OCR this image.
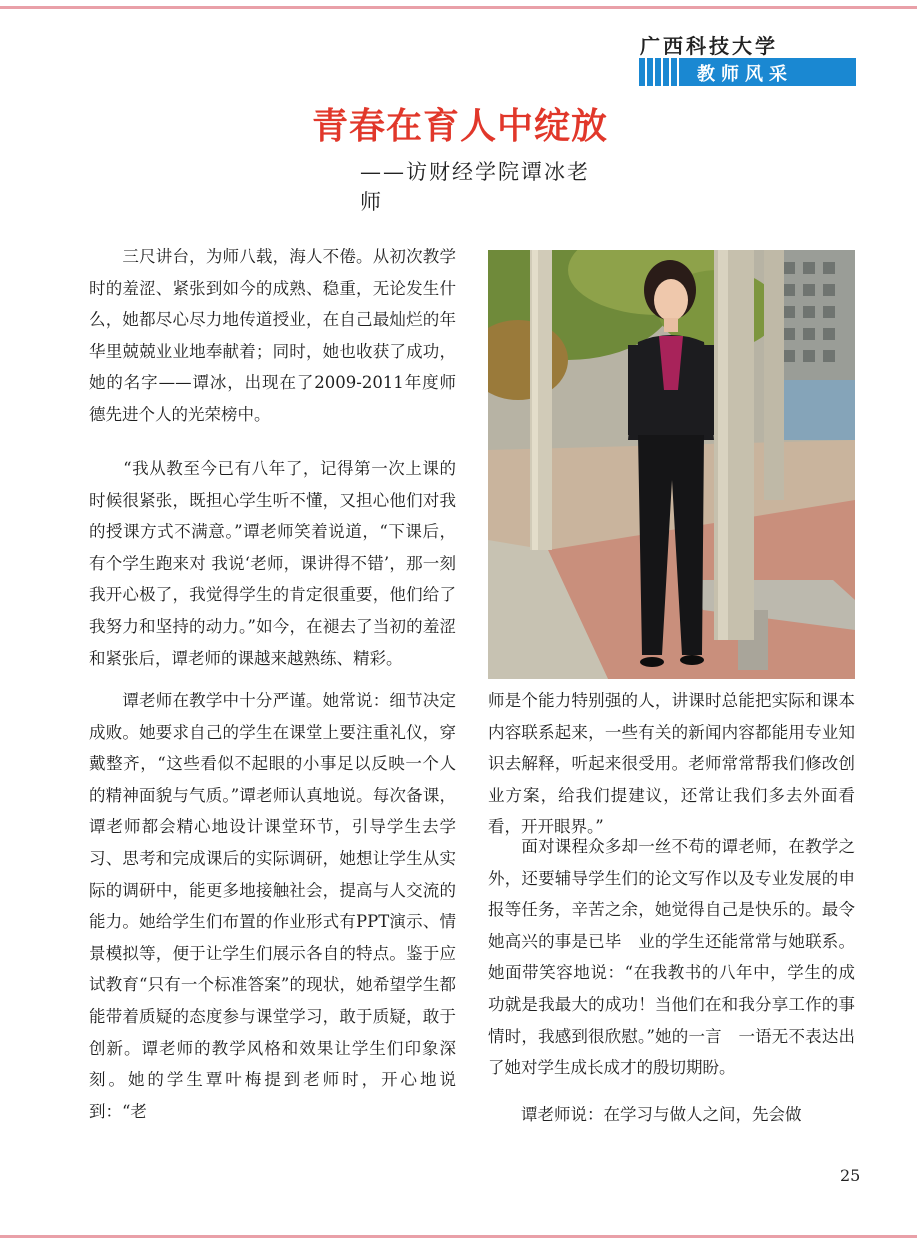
广西科技大学
教师风采
青春在育人中绽放
——访财经学院谭冰老师

　　三尺讲台，为师八载，海人不倦。从初次教学时的羞涩、紧张到如今的成熟、稳重，无论发生什么，她都尽心尽力地传道授业，在自己最灿烂的年华里兢兢业业地奉献着；同时，她也收获了成功，她的名字——谭冰，出现在了2009-2011年度师德先进个人的光荣榜中。

　　“我从教至今已有八年了，记得第一次上课的时候很紧张，既担心学生听不懂，又担心他们对我的授课方式不满意。”谭老师笑着说道，“下课后，有个学生跑来对 我说‘老师，课讲得不错’，那一刻我开心极了，我觉得学生的肯定很重要，他们给了我努力和坚持的动力。”如今，在褪去了当初的羞涩和紧张后，谭老师的课越来越熟练、精彩。

　　谭老师在教学中十分严谨。她常说：细节决定成败。她要求自己的学生在课堂上要注重礼仪，穿戴整齐，“这些看似不起眼的小事足以反映一个人的精神面貌与气质。”谭老师认真地说。每次备课，谭老师都会精心地设计课堂环节，引导学生去学习、思考和完成课后的实际调研，她想让学生从实际的调研中，能更多地接触社会，提高与人交流的能力。她给学生们布置的作业形式有PPT演示、情景模拟等，便于让学生们展示各自的特点。鉴于应试教育“只有一个标准答案”的现状，她希望学生都能带着质疑的态度参与课堂学习，敢于质疑，敢于创新。谭老师的教学风格和效果让学生们印象深刻。她的学生覃叶梅提到老师时，开心地说到：“老

师是个能力特别强的人，讲课时总能把实际和课本内容联系起来，一些有关的新闻内容都能用专业知识去解释，听起来很受用。老师常常帮我们修改创业方案，给我们提建议，还常让我们多去外面看看，开开眼界。”

　　面对课程众多却一丝不苟的谭老师，在教学之外，还要辅导学生们的论文写作以及专业发展的申报等任务，辛苦之余，她觉得自己是快乐的。最令她高兴的事是已毕　业的学生还能常常与她联系。她面带笑容地说：“在我教书的八年中，学生的成功就是我最大的成功！当他们在和我分享工作的事情时，我感到很欣慰。”她的一言　一语无不表达出了她对学生成长成才的殷切期盼。

　　谭老师说：在学习与做人之间，先会做

25
